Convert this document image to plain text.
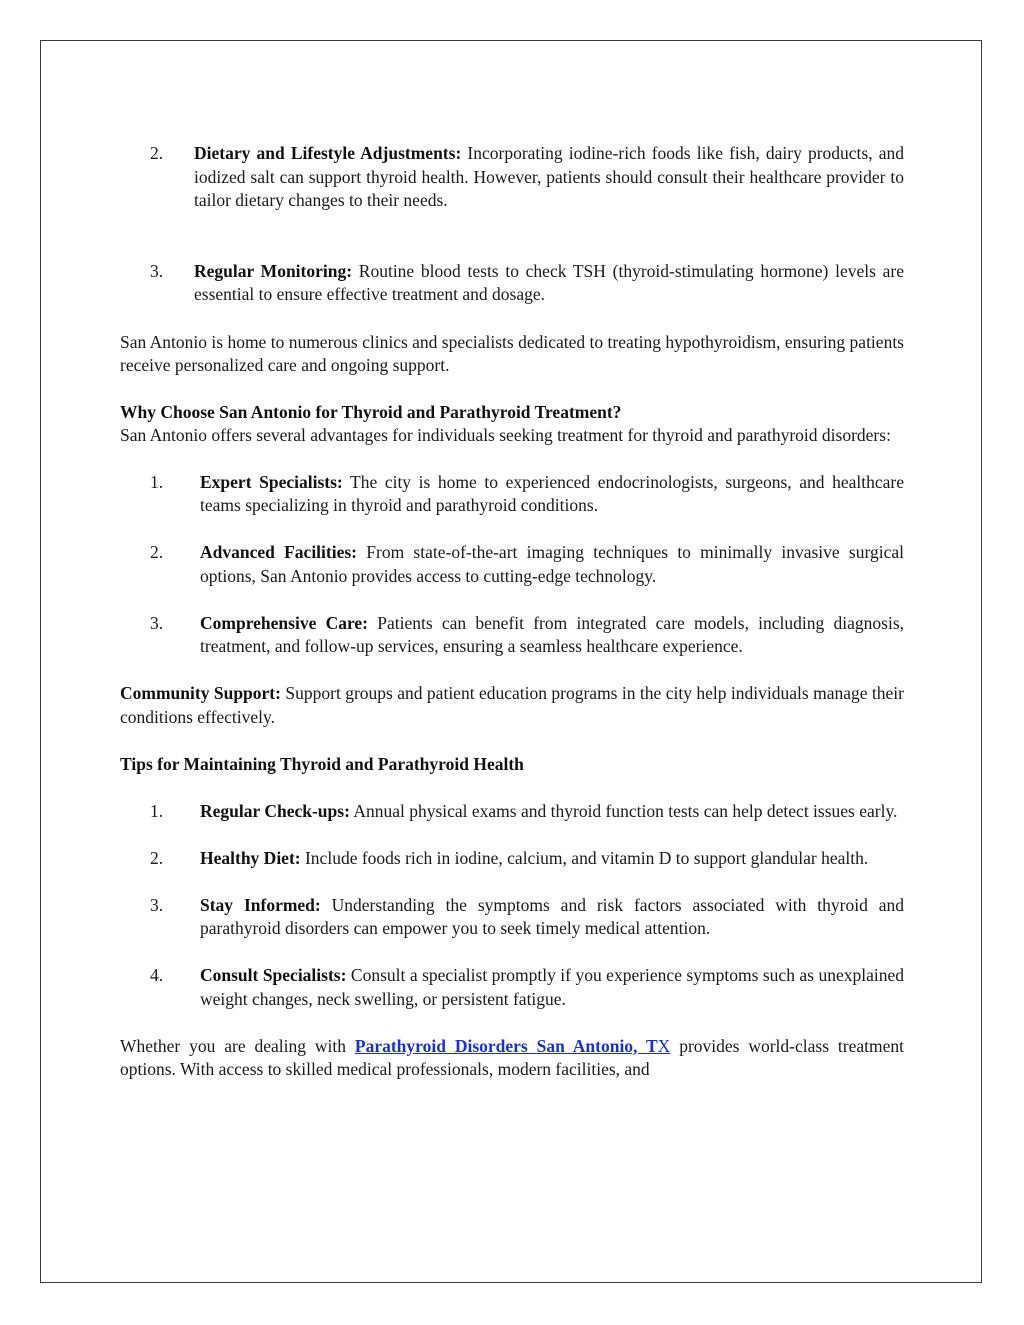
2. Dietary and Lifestyle Adjustments: Incorporating iodine-rich foods like fish, dairy products, and iodized salt can support thyroid health. However, patients should consult their healthcare provider to tailor dietary changes to their needs.
3. Regular Monitoring: Routine blood tests to check TSH (thyroid-stimulating hormone) levels are essential to ensure effective treatment and dosage.

San Antonio is home to numerous clinics and specialists dedicated to treating hypothyroidism, ensuring patients receive personalized care and ongoing support.

Why Choose San Antonio for Thyroid and Parathyroid Treatment?

San Antonio offers several advantages for individuals seeking treatment for thyroid and parathyroid disorders:

1. Expert Specialists: The city is home to experienced endocrinologists, surgeons, and healthcare teams specializing in thyroid and parathyroid conditions.
2. Advanced Facilities: From state-of-the-art imaging techniques to minimally invasive surgical options, San Antonio provides access to cutting-edge technology.
3. Comprehensive Care: Patients can benefit from integrated care models, including diagnosis, treatment, and follow-up services, ensuring a seamless healthcare experience.

Community Support: Support groups and patient education programs in the city help individuals manage their conditions effectively.

Tips for Maintaining Thyroid and Parathyroid Health

1. Regular Check-ups: Annual physical exams and thyroid function tests can help detect issues early.
2. Healthy Diet: Include foods rich in iodine, calcium, and vitamin D to support glandular health.
3. Stay Informed: Understanding the symptoms and risk factors associated with thyroid and parathyroid disorders can empower you to seek timely medical attention.
4. Consult Specialists: Consult a specialist promptly if you experience symptoms such as unexplained weight changes, neck swelling, or persistent fatigue.

Whether you are dealing with Parathyroid Disorders San Antonio, TX provides world-class treatment options. With access to skilled medical professionals, modern facilities, and
